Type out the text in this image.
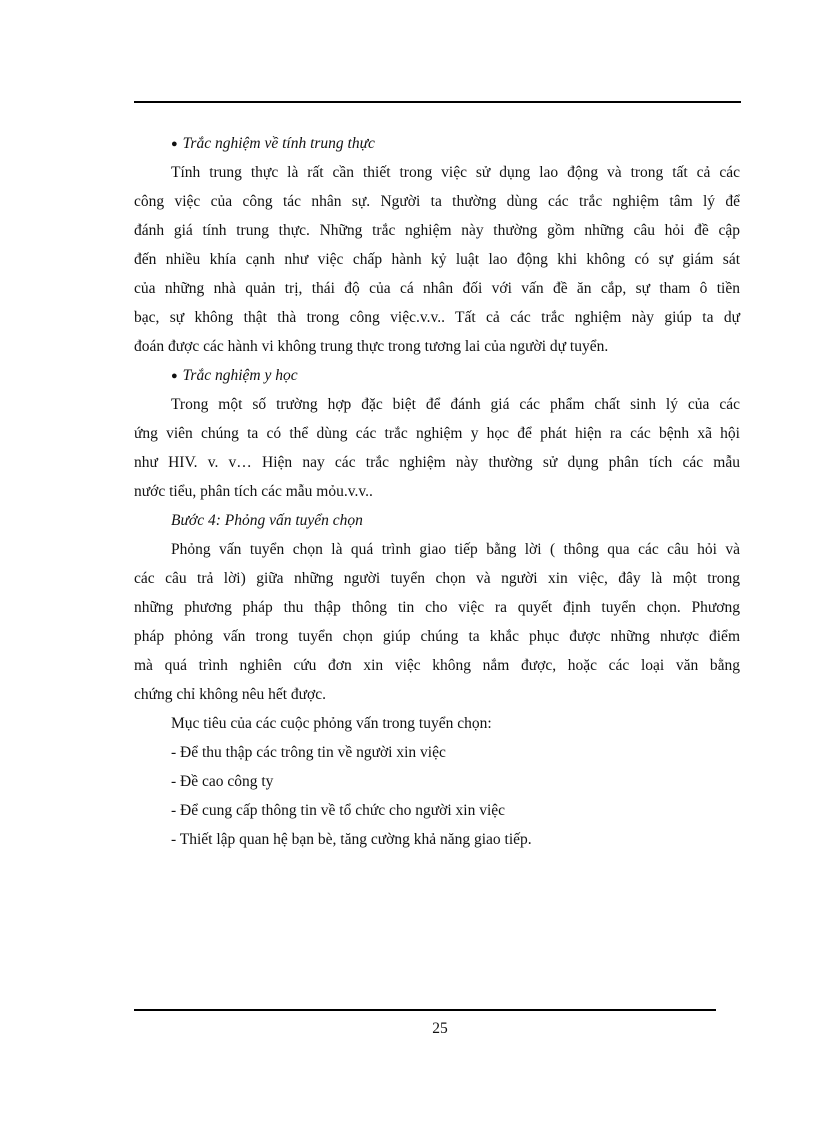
● Trắc nghiệm về tính trung thực
Tính trung thực là rất cần thiết trong việc sử dụng lao động và trong tất cả các
công việc của công tác nhân sự. Người ta thường dùng các trắc nghiệm tâm lý để
đánh giá tính trung thực. Những trắc nghiệm này thường gồm những câu hỏi đề cập
đến nhiều khía cạnh như việc chấp hành kỷ luật lao động khi không có sự giám sát
của những nhà quản trị, thái độ của cá nhân đối với vấn đề ăn cắp, sự tham ô tiền
bạc, sự không thật thà trong công việc.v.v.. Tất cả các trắc nghiệm này giúp ta dự
đoán được các hành vi không trung thực trong tương lai của người dự tuyển.
● Trắc nghiệm y học
Trong một số trường hợp đặc biệt để đánh giá các phẩm chất sinh lý của các
ứng viên chúng ta có thể dùng các trắc nghiệm y học để phát hiện ra các bệnh xã hội
như HIV. v. v… Hiện nay các trắc nghiệm này thường sử dụng phân tích các mẫu
nước tiểu, phân tích các mẫu mỏu.v.v..
Bước 4: Phỏng vấn tuyển chọn
Phỏng vấn tuyển chọn là quá trình giao tiếp bằng lời ( thông qua các câu hỏi và
các câu trả lời) giữa những người tuyển chọn và người xin việc, đây là một trong
những phương pháp thu thập thông tin cho việc ra quyết định tuyển chọn. Phương
pháp phỏng vấn trong tuyển chọn giúp chúng ta khắc phục được những nhược điểm
mà quá trình nghiên cứu đơn xin việc không nắm được, hoặc các loại văn bằng
chứng chỉ không nêu hết được.
Mục tiêu của các cuộc phỏng vấn trong tuyển chọn:
- Để thu thập các trông tin về người xin việc
- Đề cao công ty
- Để cung cấp thông tin về tổ chức cho người xin việc
- Thiết lập quan hệ bạn bè, tăng cường khả năng giao tiếp.
25
